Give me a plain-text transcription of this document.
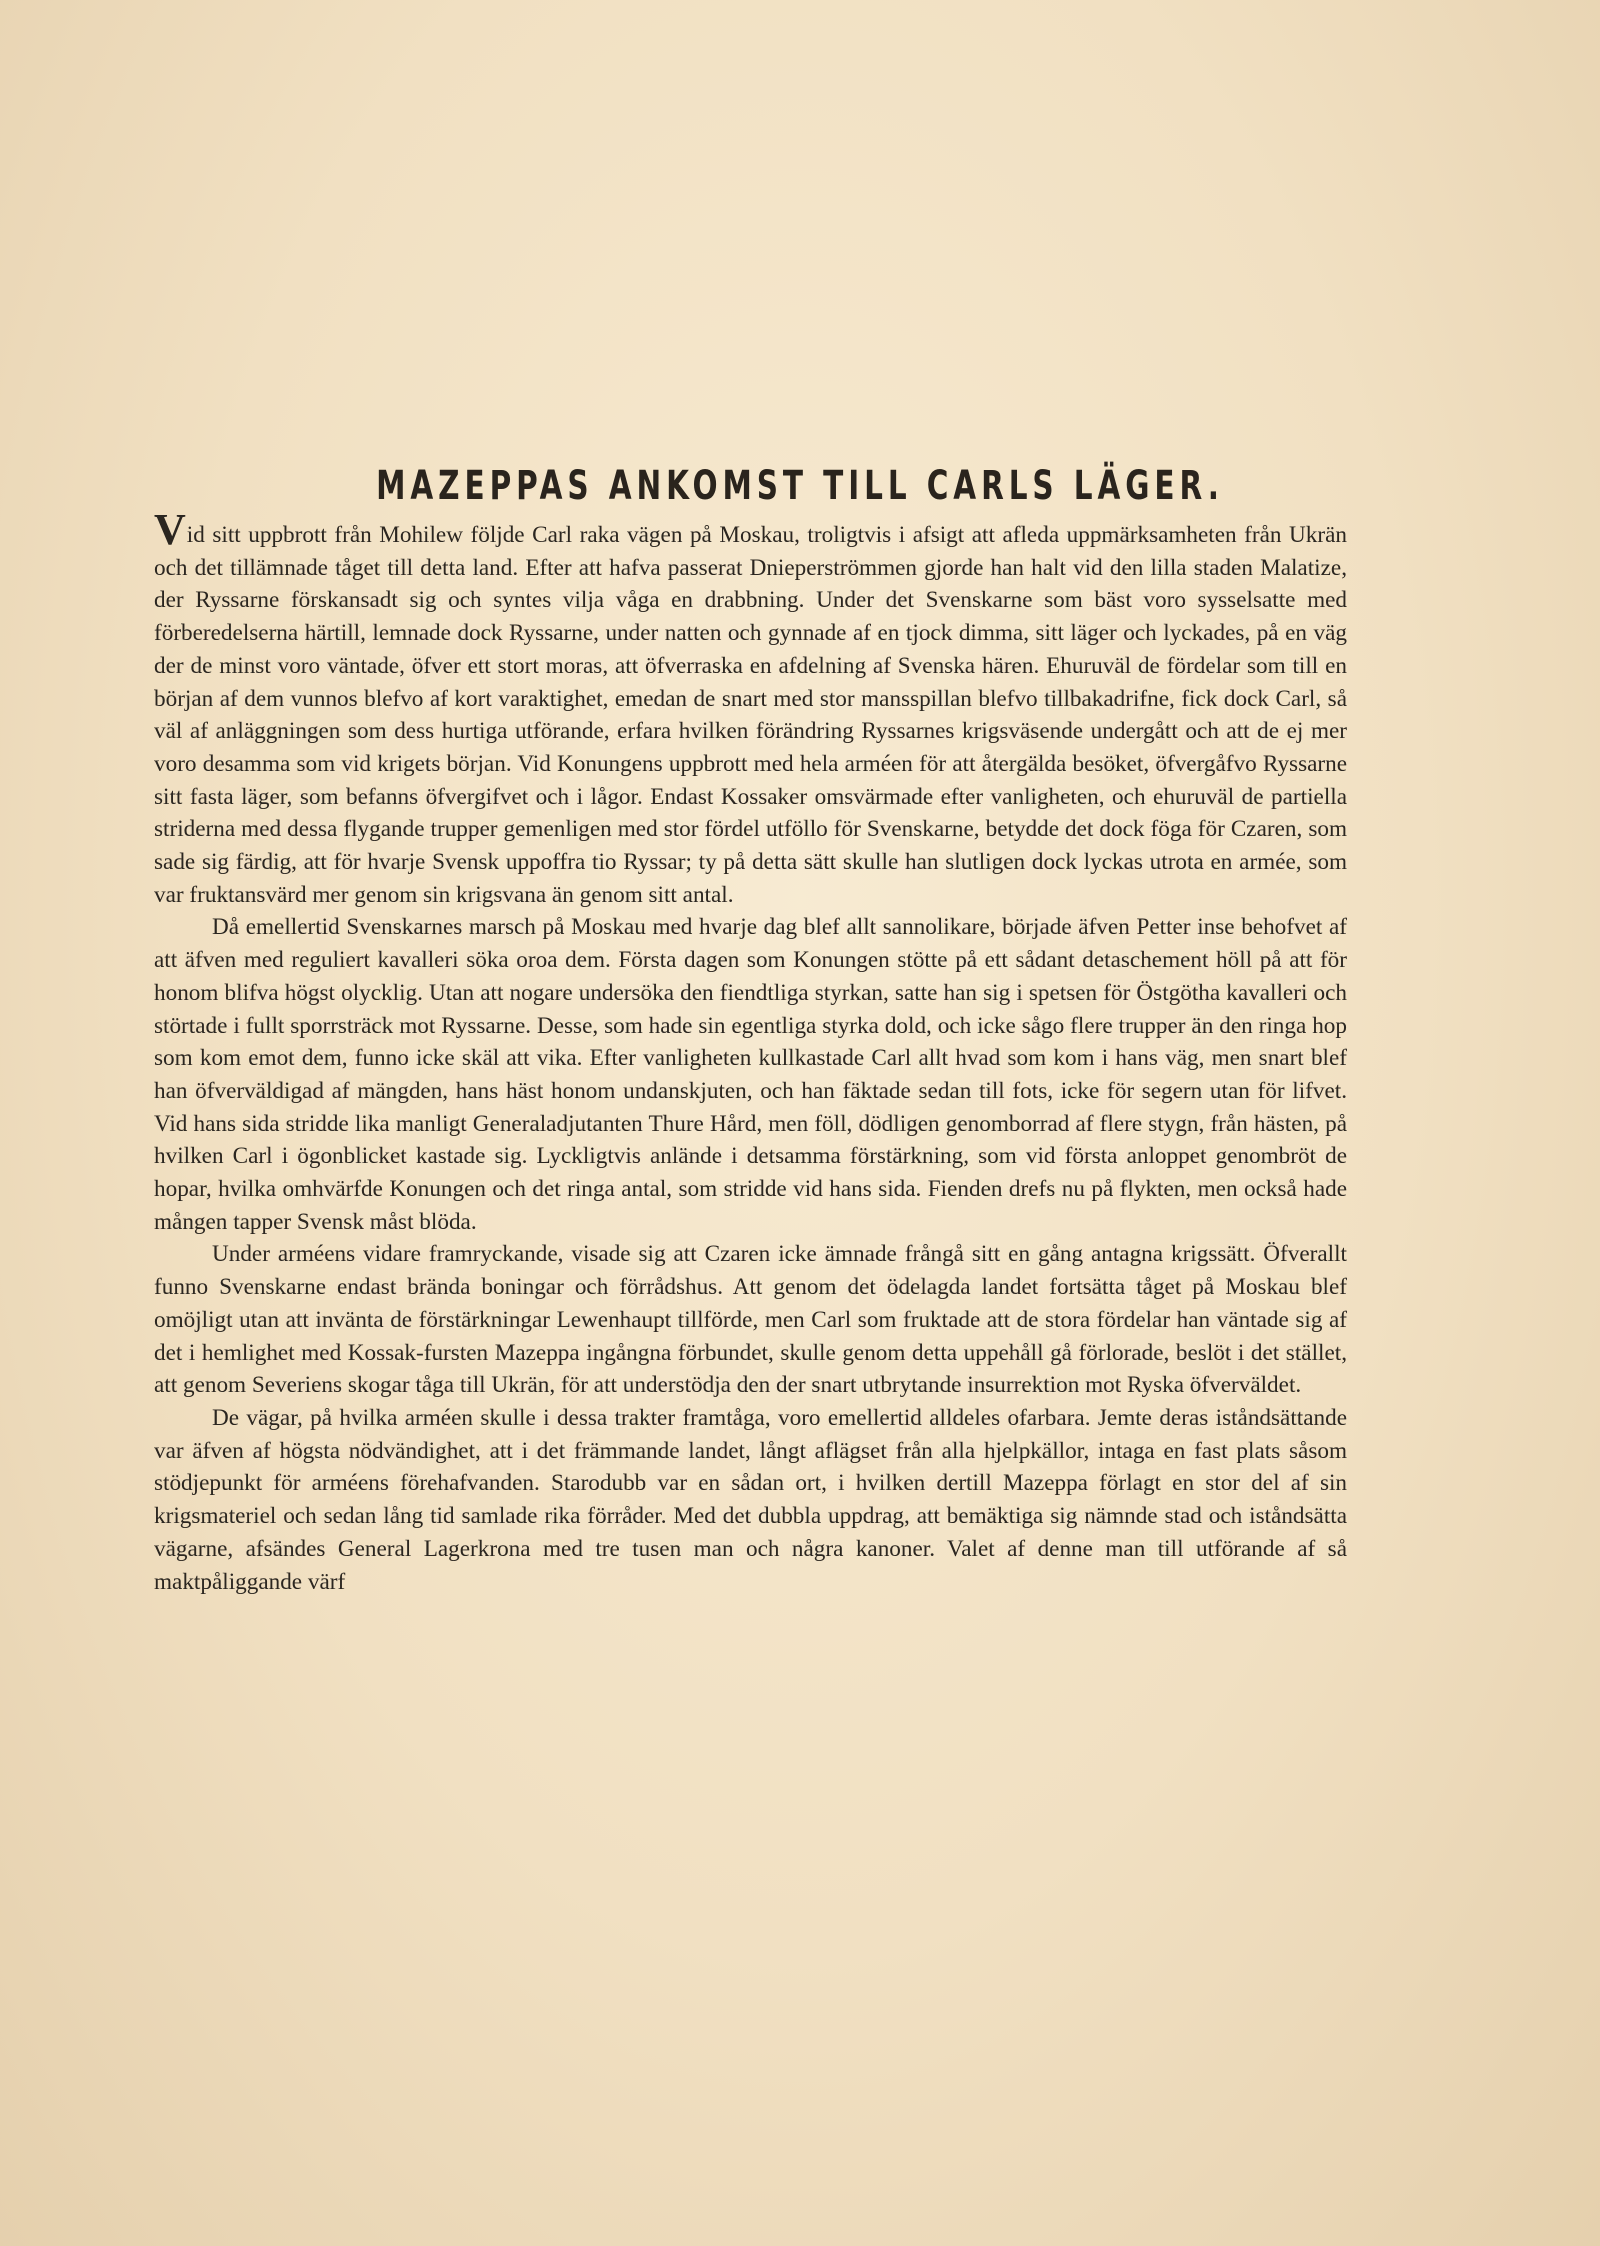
MAZEPPAS ANKOMST TILL CARLS LÄGER.

Vid sitt uppbrott från Mohilew följde Carl raka vägen på Moskau, troligtvis i afsigt att afleda uppmärksamheten från Ukrän och det tillämnade tåget till detta land. Efter att hafva passerat Dnieperströmmen gjorde han halt vid den lilla staden Malatize, der Ryssarne förskansadt sig och syntes vilja våga en drabbning. Under det Svenskarne som bäst voro sysselsatte med förberedelserna härtill, lemnade dock Ryssarne, under natten och gynnade af en tjock dimma, sitt läger och lyckades, på en väg der de minst voro väntade, öfver ett stort moras, att öfverraska en afdelning af Svenska hären. Ehuruväl de fördelar som till en början af dem vunnos blefvo af kort varaktighet, emedan de snart med stor mansspillan blefvo tillbakadrifne, fick dock Carl, så väl af anläggningen som dess hurtiga utförande, erfara hvilken förändring Ryssarnes krigsväsende undergått och att de ej mer voro desamma som vid krigets början. Vid Konungens uppbrott med hela arméen för att återgälda besöket, öfvergåfvo Ryssarne sitt fasta läger, som befanns öfvergifvet och i lågor. Endast Kossaker omsvärmade efter vanligheten, och ehuruväl de partiella striderna med dessa flygande trupper gemenligen med stor fördel utföllo för Svenskarne, betydde det dock föga för Czaren, som sade sig färdig, att för hvarje Svensk uppoffra tio Ryssar; ty på detta sätt skulle han slutligen dock lyckas utrota en armée, som var fruktansvärd mer genom sin krigsvana än genom sitt antal.

Då emellertid Svenskarnes marsch på Moskau med hvarje dag blef allt sannolikare, började äfven Petter inse behofvet af att äfven med reguliert kavalleri söka oroa dem. Första dagen som Konungen stötte på ett sådant detaschement höll på att för honom blifva högst olycklig. Utan att nogare undersöka den fiendtliga styrkan, satte han sig i spetsen för Östgötha kavalleri och störtade i fullt sporrsträck mot Ryssarne. Desse, som hade sin egentliga styrka dold, och icke sågo flere trupper än den ringa hop som kom emot dem, funno icke skäl att vika. Efter vanligheten kullkastade Carl allt hvad som kom i hans väg, men snart blef han öfverväldigad af mängden, hans häst honom undanskjuten, och han fäktade sedan till fots, icke för segern utan för lifvet. Vid hans sida stridde lika manligt Generaladjutanten Thure Hård, men föll, dödligen genomborrad af flere stygn, från hästen, på hvilken Carl i ögonblicket kastade sig. Lyckligtvis anlände i detsamma förstärkning, som vid första anloppet genombröt de hopar, hvilka omhvärfde Konungen och det ringa antal, som stridde vid hans sida. Fienden drefs nu på flykten, men också hade mången tapper Svensk måst blöda.

Under arméens vidare framryckande, visade sig att Czaren icke ämnade frångå sitt en gång antagna krigssätt. Öfverallt funno Svenskarne endast brända boningar och förrådshus. Att genom det ödelagda landet fortsätta tåget på Moskau blef omöjligt utan att invänta de förstärkningar Lewenhaupt tillförde, men Carl som fruktade att de stora fördelar han väntade sig af det i hemlighet med Kossak-fursten Mazeppa ingångna förbundet, skulle genom detta uppehåll gå förlorade, beslöt i det stället, att genom Severiens skogar tåga till Ukrän, för att understödja den der snart utbrytande insurrektion mot Ryska öfverväldet.

De vägar, på hvilka arméen skulle i dessa trakter framtåga, voro emellertid alldeles ofarbara. Jemte deras iståndsättande var äfven af högsta nödvändighet, att i det främmande landet, långt aflägset från alla hjelpkällor, intaga en fast plats såsom stödjepunkt för arméens förehafvanden. Starodubb var en sådan ort, i hvilken dertill Mazeppa förlagt en stor del af sin krigsmateriel och sedan lång tid samlade rika förråder. Med det dubbla uppdrag, att bemäktiga sig nämnde stad och iståndsätta vägarne, afsändes General Lagerkrona med tre tusen man och några kanoner. Valet af denne man till utförande af så maktpåliggande värf
